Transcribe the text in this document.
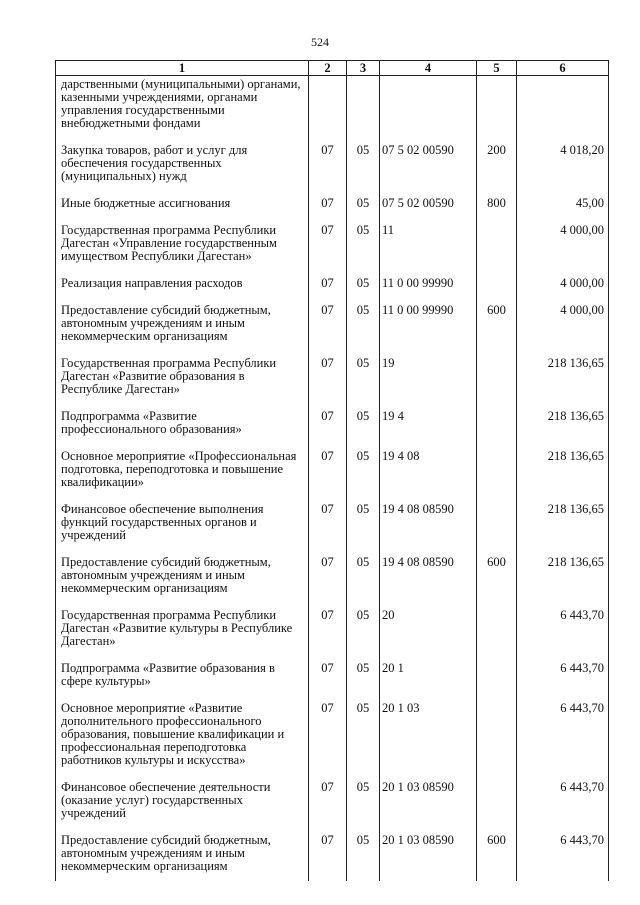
524
1	2	3	4	5	6
дарственными (муниципальными) органами, казенными учреждениями, органами управления государственными внебюджетными фондами					
Закупка товаров, работ и услуг для обеспечения государственных (муниципальных) нужд	07	05	07 5 02 00590	200	4 018,20
Иные бюджетные ассигнования	07	05	07 5 02 00590	800	45,00
Государственная программа Республики Дагестан «Управление государственным имуществом Республики Дагестан»	07	05	11		4 000,00
Реализация направления расходов	07	05	11 0 00 99990		4 000,00
Предоставление субсидий бюджетным, автономным учреждениям и иным некоммерческим организациям	07	05	11 0 00 99990	600	4 000,00
Государственная программа Республики Дагестан «Развитие образования в Республике Дагестан»	07	05	19		218 136,65
Подпрограмма «Развитие профессионального образования»	07	05	19 4		218 136,65
Основное мероприятие «Профессиональная подготовка, переподготовка и повышение квалификации»	07	05	19 4 08		218 136,65
Финансовое обеспечение выполнения функций государственных органов и учреждений	07	05	19 4 08 08590		218 136,65
Предоставление субсидий бюджетным, автономным учреждениям и иным некоммерческим организациям	07	05	19 4 08 08590	600	218 136,65
Государственная программа Республики Дагестан «Развитие культуры в Республике Дагестан»	07	05	20		6 443,70
Подпрограмма «Развитие образования в сфере культуры»	07	05	20 1		6 443,70
Основное мероприятие «Развитие дополнительного профессионального образования, повышение квалификации и профессиональная переподготовка работников культуры и искусства»	07	05	20 1 03		6 443,70
Финансовое обеспечение деятельности (оказание услуг) государственных учреждений	07	05	20 1 03 08590		6 443,70
Предоставление субсидий бюджетным, автономным учреждениям и иным некоммерческим организациям	07	05	20 1 03 08590	600	6 443,70
